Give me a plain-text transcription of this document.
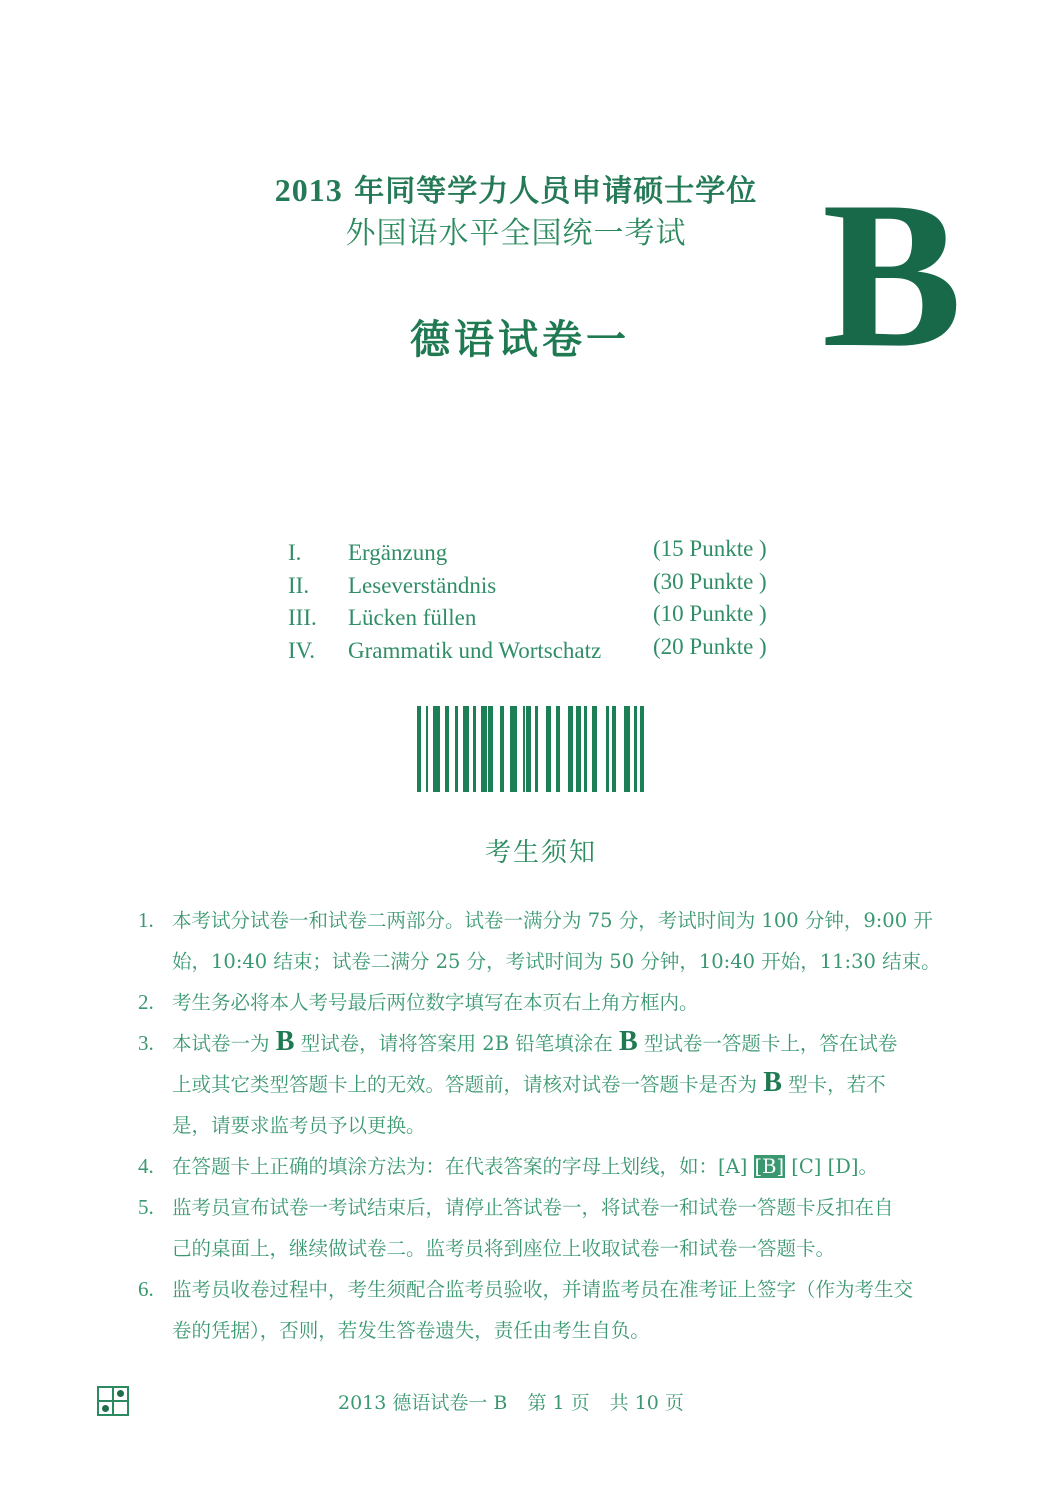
2013 年同等学力人员申请硕士学位
外国语水平全国统一考试
德语试卷一 B
I. Ergänzung	(15 Punkte )
II. Leseverständnis	(30 Punkte )
III. Lücken füllen	(10 Punkte )
IV. Grammatik und Wortschatz (20 Punkte )
考生须知
1. 本考试分试卷一和试卷二两部分。试卷一满分为 75 分，考试时间为 100 分钟，9:00 开
始，10:40 结束；试卷二满分 25 分，考试时间为 50 分钟，10:40 开始，11:30 结束。
2. 考生务必将本人考号最后两位数字填写在本页右上角方框内。
3. 本试卷一为 B 型试卷，请将答案用 2B 铅笔填涂在 B 型试卷一答题卡上，答在试卷
上或其它类型答题卡上的无效。答题前，请核对试卷一答题卡是否为 B 型卡，若不
是，请要求监考员予以更换。
4. 在答题卡上正确的填涂方法为：在代表答案的字母上划线，如：[A] [B] [C] [D]。
5. 监考员宣布试卷一考试结束后，请停止答试卷一，将试卷一和试卷一答题卡反扣在自
己的桌面上，继续做试卷二。监考员将到座位上收取试卷一和试卷一答题卡。
6. 监考员收卷过程中，考生须配合监考员验收，并请监考员在准考证上签字（作为考生交
卷的凭据），否则，若发生答卷遗失，责任由考生自负。
2013 德语试卷一 B 第 1 页 共 10 页
